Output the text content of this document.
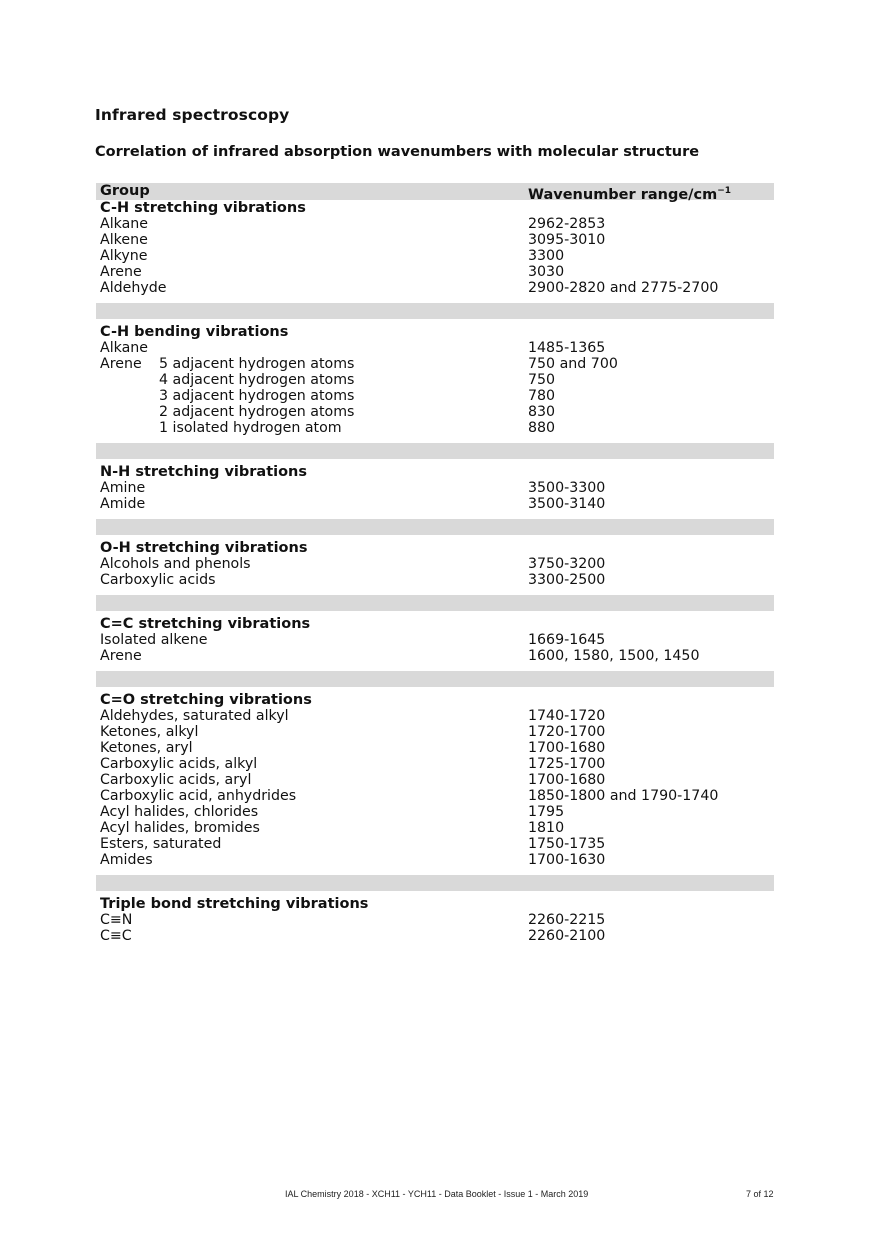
Infrared spectroscopy
Correlation of infrared absorption wavenumbers with molecular structure
Group	Wavenumber range/$cm^{-1}$
C-H stretching vibrations
Alkane	2962-2853
Alkene	3095-3010
Alkyne	3300
Arene	3030
Aldehyde	2900-2820 and 2775-2700
C-H bending vibrations
Alkane	1485-1365
Arene 5 adjacent hydrogen atoms	750 and 700
4 adjacent hydrogen atoms	750
3 adjacent hydrogen atoms	780
2 adjacent hydrogen atoms	830
1 isolated hydrogen atom	880
N-H stretching vibrations
Amine	3500-3300
Amide	3500-3140
O-H stretching vibrations
Alcohols and phenols	3750-3200
Carboxylic acids	3300-2500
C=C stretching vibrations
Isolated alkene	1669-1645
Arene	1600, 1580, 1500, 1450
C=O stretching vibrations
Aldehydes, saturated alkyl	1740-1720
Ketones, alkyl	1720-1700
Ketones, aryl	1700-1680
Carboxylic acids, alkyl	1725-1700
Carboxylic acids, aryl	1700-1680
Carboxylic acid, anhydrides	1850-1800 and 1790-1740
Acyl halides, chlorides	1795
Acyl halides, bromides	1810
Esters, saturated	1750-1735
Amides	1700-1630
Triple bond stretching vibrations
C≡N	2260-2215
C≡C	2260-2100
IAL Chemistry 2018 - XCH11 - YCH11 - Data Booklet - Issue 1 - March 2019	7 of 12
